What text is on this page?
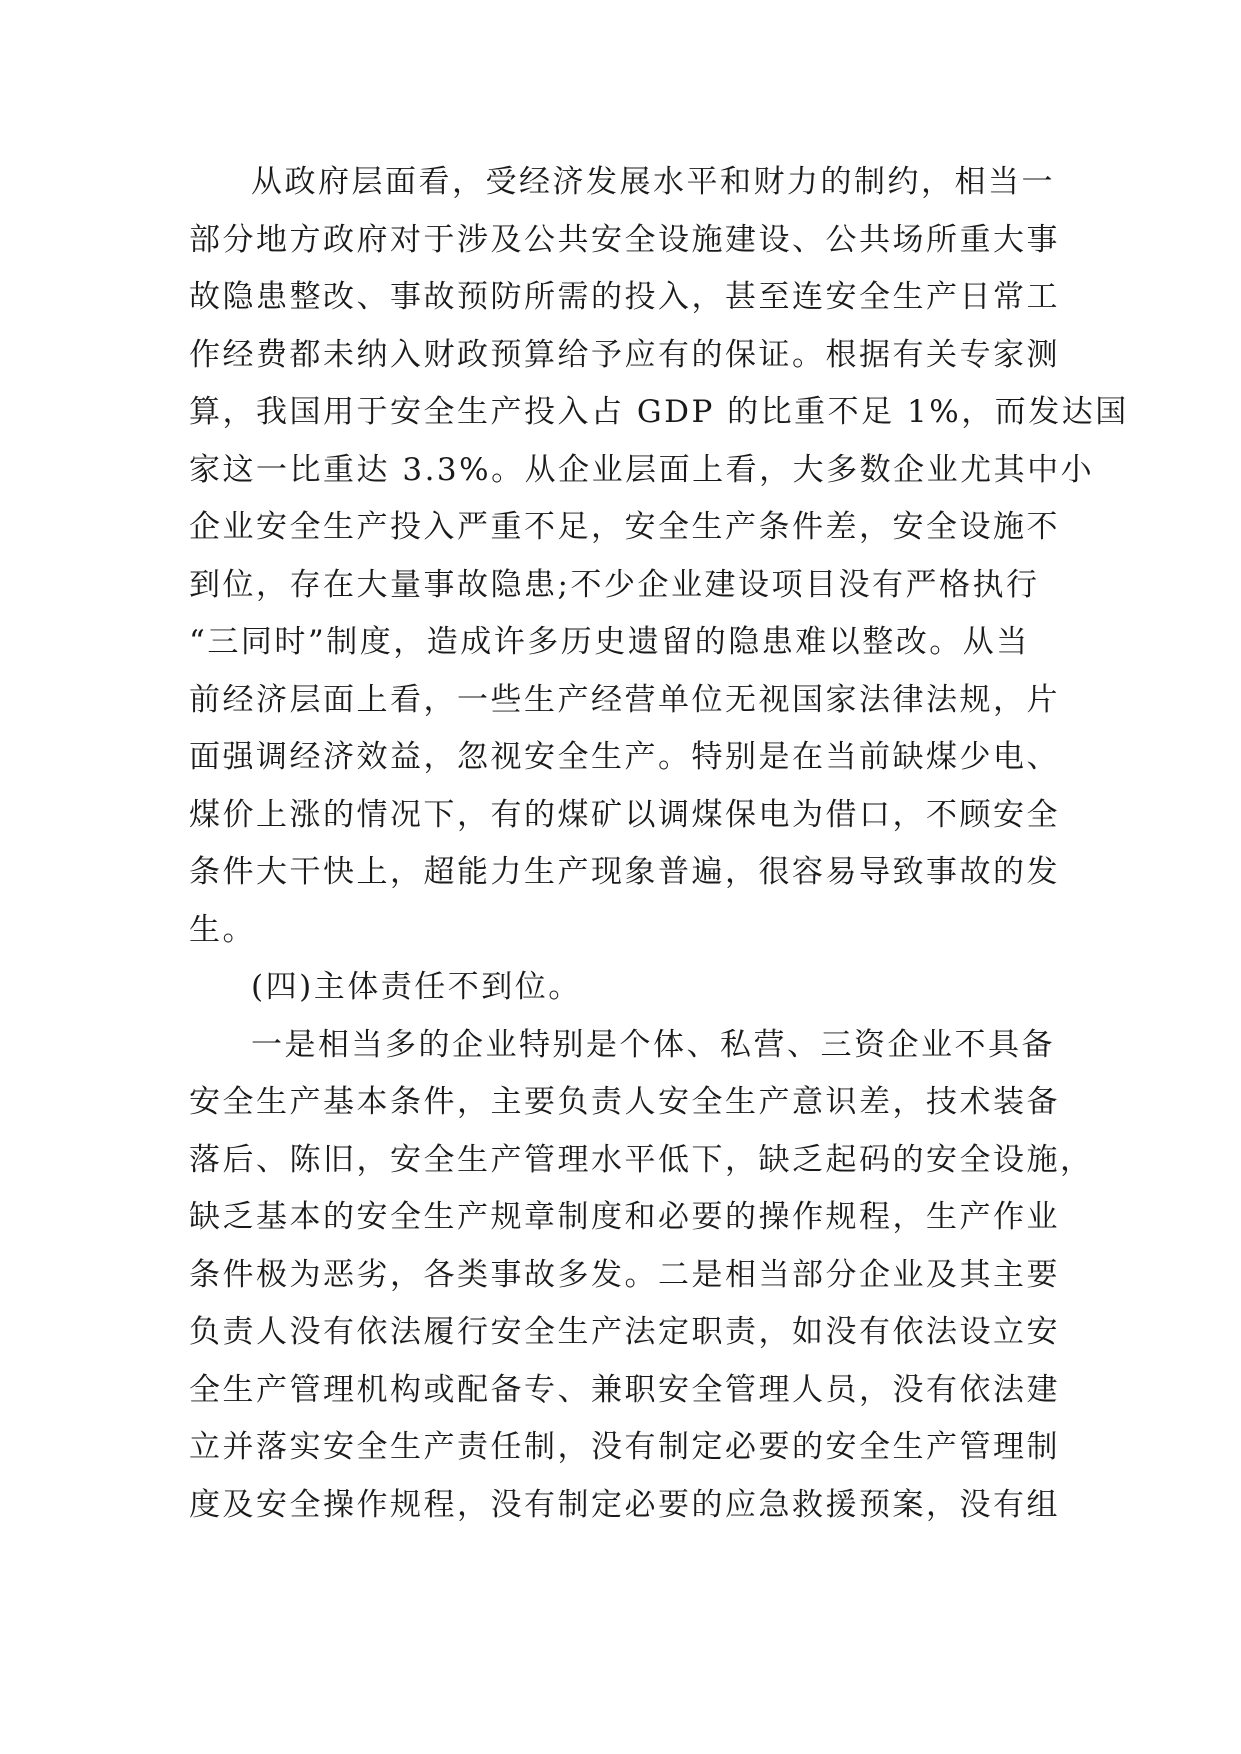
从政府层面看，受经济发展水平和财力的制约，相当一
部分地方政府对于涉及公共安全设施建设、公共场所重大事
故隐患整改、事故预防所需的投入，甚至连安全生产日常工
作经费都未纳入财政预算给予应有的保证。根据有关专家测
算，我国用于安全生产投入占 GDP 的比重不足 1%，而发达国
家这一比重达 3.3%。从企业层面上看，大多数企业尤其中小
企业安全生产投入严重不足，安全生产条件差，安全设施不
到位，存在大量事故隐患;不少企业建设项目没有严格执行
“三同时”制度，造成许多历史遗留的隐患难以整改。从当
前经济层面上看，一些生产经营单位无视国家法律法规，片
面强调经济效益，忽视安全生产。特别是在当前缺煤少电、
煤价上涨的情况下，有的煤矿以调煤保电为借口，不顾安全
条件大干快上，超能力生产现象普遍，很容易导致事故的发
生。
(四)主体责任不到位。
一是相当多的企业特别是个体、私营、三资企业不具备
安全生产基本条件，主要负责人安全生产意识差，技术装备
落后、陈旧，安全生产管理水平低下，缺乏起码的安全设施，
缺乏基本的安全生产规章制度和必要的操作规程，生产作业
条件极为恶劣，各类事故多发。二是相当部分企业及其主要
负责人没有依法履行安全生产法定职责，如没有依法设立安
全生产管理机构或配备专、兼职安全管理人员，没有依法建
立并落实安全生产责任制，没有制定必要的安全生产管理制
度及安全操作规程，没有制定必要的应急救援预案，没有组
